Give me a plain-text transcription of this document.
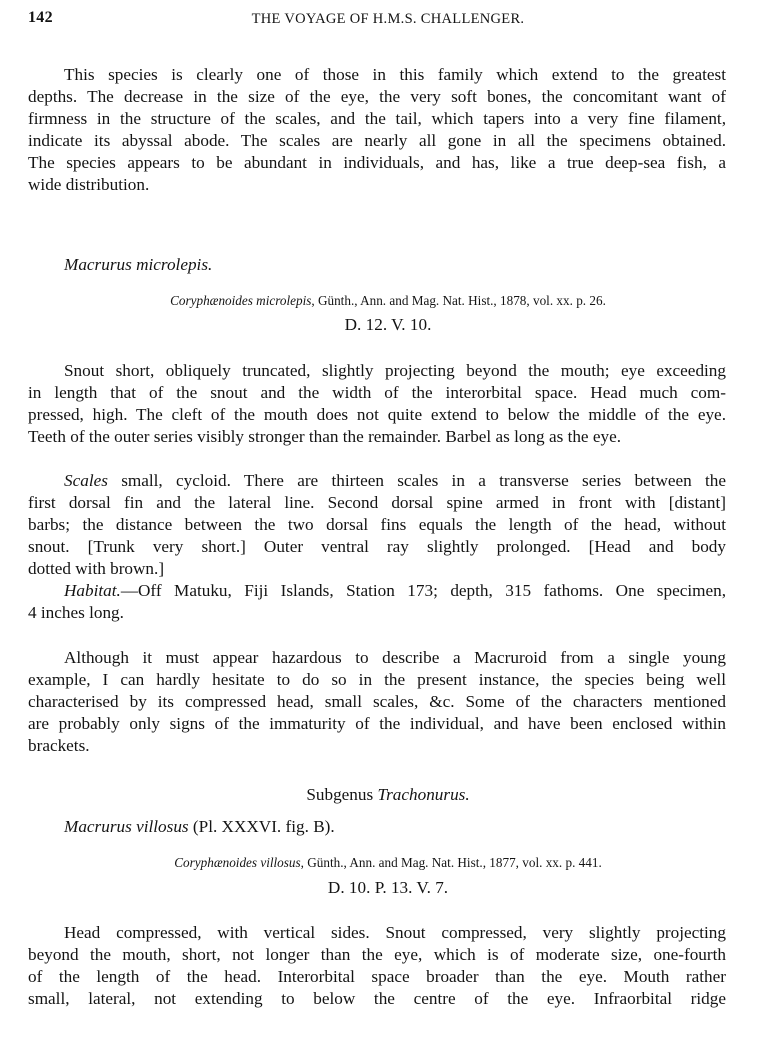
142	THE VOYAGE OF H.M.S. CHALLENGER.
This species is clearly one of those in this family which extend to the greatest
depths. The decrease in the size of the eye, the very soft bones, the concomitant want of
firmness in the structure of the scales, and the tail, which tapers into a very fine filament,
indicate its abyssal abode. The scales are nearly all gone in all the specimens obtained.
The species appears to be abundant in individuals, and has, like a true deep-sea fish, a
wide distribution.
Macrurus microlepis.
Coryphænoides microlepis, Günth., Ann. and Mag. Nat. Hist., 1878, vol. xx. p. 26.
D. 12. V. 10.
Snout short, obliquely truncated, slightly projecting beyond the mouth; eye exceeding
in length that of the snout and the width of the interorbital space. Head much com-
pressed, high. The cleft of the mouth does not quite extend to below the middle of the eye.
Teeth of the outer series visibly stronger than the remainder. Barbel as long as the eye.
Scales small, cycloid. There are thirteen scales in a transverse series between the
first dorsal fin and the lateral line. Second dorsal spine armed in front with [distant]
barbs; the distance between the two dorsal fins equals the length of the head, without
snout. [Trunk very short.] Outer ventral ray slightly prolonged. [Head and body
dotted with brown.]
Habitat.—Off Matuku, Fiji Islands, Station 173; depth, 315 fathoms. One specimen,
4 inches long.
Although it must appear hazardous to describe a Macruroid from a single young
example, I can hardly hesitate to do so in the present instance, the species being well
characterised by its compressed head, small scales, &c. Some of the characters mentioned
are probably only signs of the immaturity of the individual, and have been enclosed within
brackets.
Subgenus Trachonurus.
Macrurus villosus (Pl. XXXVI. fig. B).
Coryphænoides villosus, Günth., Ann. and Mag. Nat. Hist., 1877, vol. xx. p. 441.
D. 10. P. 13. V. 7.
Head compressed, with vertical sides. Snout compressed, very slightly projecting
beyond the mouth, short, not longer than the eye, which is of moderate size, one-fourth
of the length of the head. Interorbital space broader than the eye. Mouth rather
small, lateral, not extending to below the centre of the eye. Infraorbital ridge
